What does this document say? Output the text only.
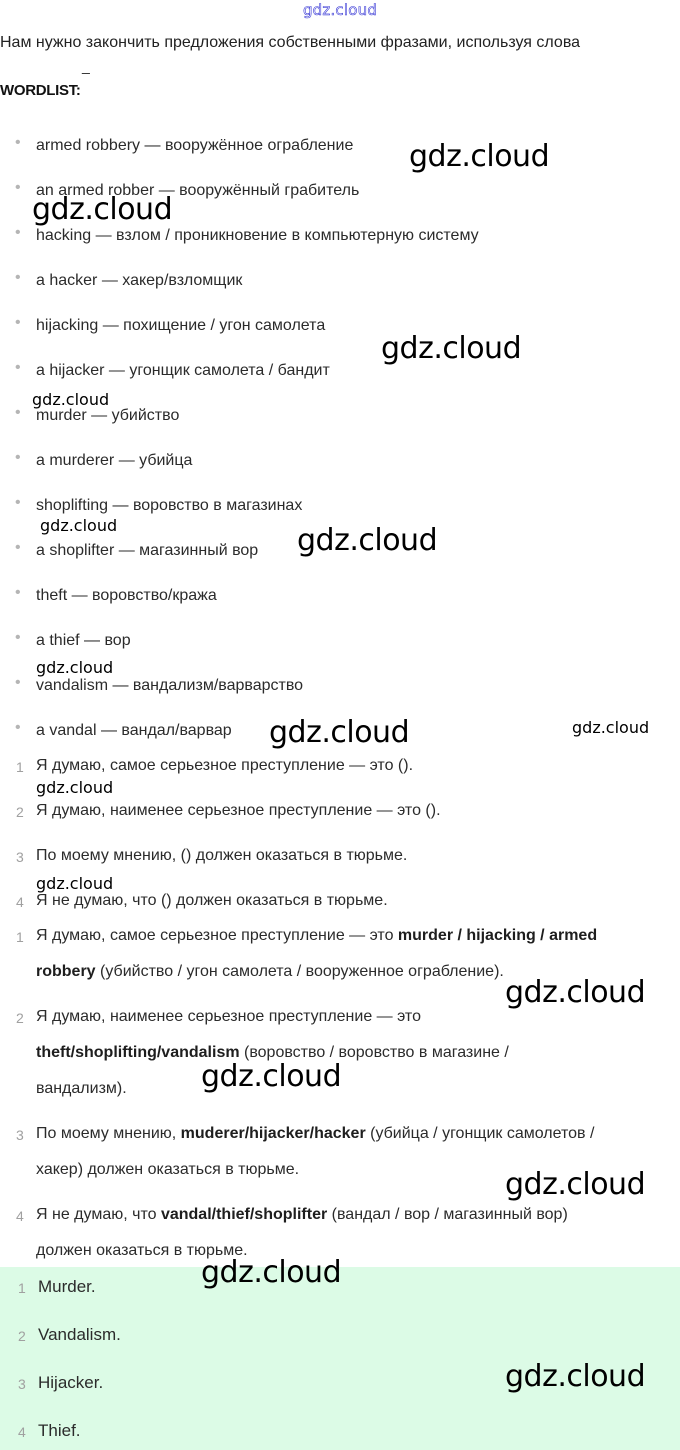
gdz.cloud
Нам нужно закончить предложения собственными фразами, используя слова
_
WORDLIST:
• armed robbery — вооружённое ограбление
• an armed robber — вооружённый грабитель
• hacking — взлом / проникновение в компьютерную систему
• a hacker — хакер/взломщик
• hijacking — похищение / угон самолета
• a hijacker — угонщик самолета / бандит
• murder — убийство
• a murderer — убийца
• shoplifting — воровство в магазинах
• a shoplifter — магазинный вор
• theft — воровство/кража
• a thief — вор
• vandalism — вандализм/варварство
• a vandal — вандал/варвар
1 Я думаю, самое серьезное преступление — это ().
2 Я думаю, наименее серьезное преступление — это ().
3 По моему мнению, () должен оказаться в тюрьме.
4 Я не думаю, что () должен оказаться в тюрьме.
1 Я думаю, самое серьезное преступление — это murder / hijacking / armed
robbery (убийство / угон самолета / вооруженное ограбление).
2 Я думаю, наименее серьезное преступление — это
theft/shoplifting/vandalism (воровство / воровство в магазине /
вандализм).
3 По моему мнению, muderer/hijacker/hacker (убийца / угонщик самолетов /
хакер) должен оказаться в тюрьме.
4 Я не думаю, что vandal/thief/shoplifter (вандал / вор / магазинный вор)
должен оказаться в тюрьме.
1 Murder.
2 Vandalism.
3 Hijacker.
4 Thief.
gdz.cloud
gdz.cloud
gdz.cloud
gdz.cloud
gdz.cloud	gdz.cloud
gdz.cloud
gdz.cloud	gdz.cloud
gdz.cloud
gdz.cloud
gdz.cloud
gdz.cloud
gdz.cloud
gdz.cloud
gdz.cloud
